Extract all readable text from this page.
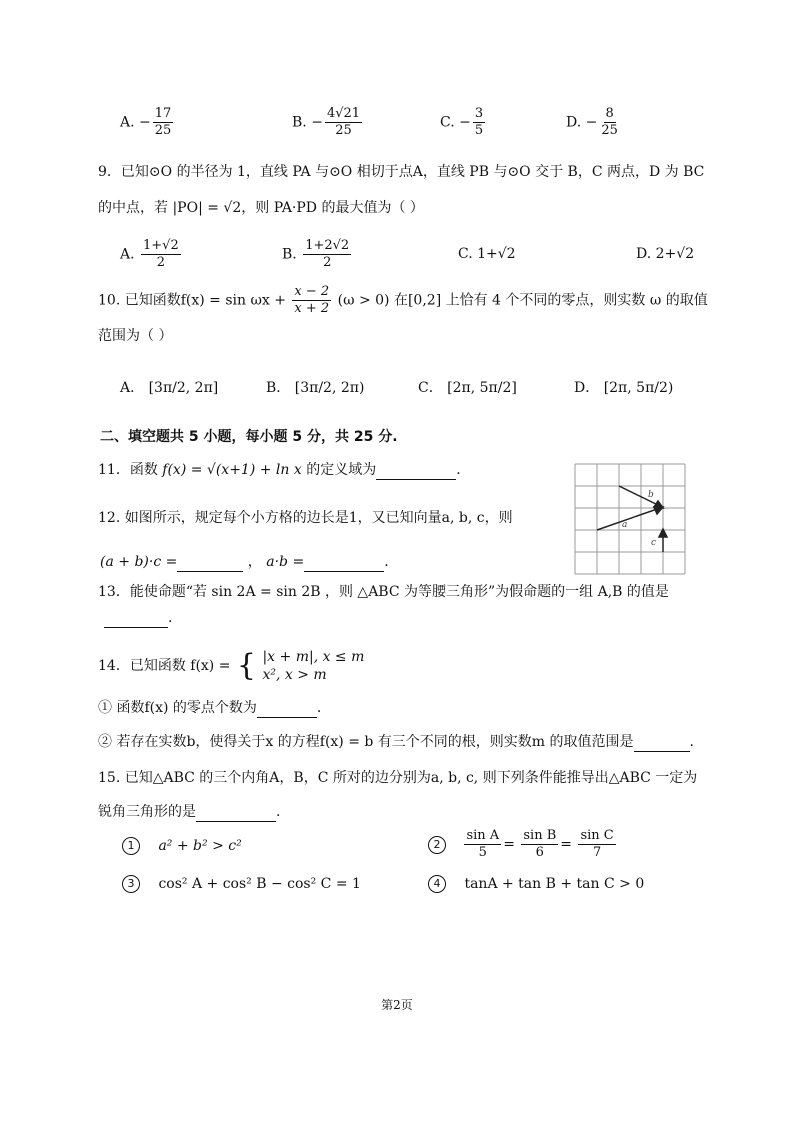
A. − $\frac{17}{25}$	B. − $\frac{4√21}{25}$	C. − $\frac{3}{5}$	D. − $\frac{8}{25}$
9．已知⊙O 的半径为 1，直线 PA 与⊙O 相切于点A，直线 PB 与⊙O 交于 B，C 两点，D 为 BC
的中点，若 |PO| = √2，则 PA·PD 的最大值为（ ）
A. $\frac{1+√2}{2}$	B. $\frac{1+2√2}{2}$	C. 1+√2	D. 2+√2
10. 已知函数$f(x) = \sin \omega x + \frac{x - 2}{x + 2} (\omega > 0)$ 在[0,2] 上恰有 4 个不同的零点，则实数 ω 的取值
范围为（ ）
A． [3π/2, 2π]	B． [3π/2, 2π)	C． [2π, 5π/2]	D． [2π, 5π/2)
二、填空题共 5 小题，每小题 5 分，共 25 分.
11．函数 f(x) = √(x+1) + ln x 的定义域为	.
12. 如图所示，规定每个小方格的边长是1，又已知向量a, b, c，则
(a + b)·c =	， a·b =	.
a
b
c
13．能使命题“若 sin 2A = sin 2B ，则 △ABC 为等腰三角形”为假命题的一组 A,B 的值是
.
14．已知函数 f(x) = { |x + m|, x ≤ m
x², x > m
① 函数f(x) 的零点个数为	.
② 若存在实数b，使得关于x 的方程f(x) = b 有三个不同的根，则实数m 的取值范围是	.
15. 已知△ABC 的三个内角A，B，C 所对的边分别为a, b, c, 则下列条件能推导出△ABC 一定为
锐角三角形的是	.
1 a² + b² > c²	$2 \frac{\text{sin A}}{5} = \frac{\text{sin B}}{6} = \frac{\text{sin C}}{7}$
3 cos² A + cos² B − cos² C = 1	4 tanA + tan B + tan C > 0
第2页
